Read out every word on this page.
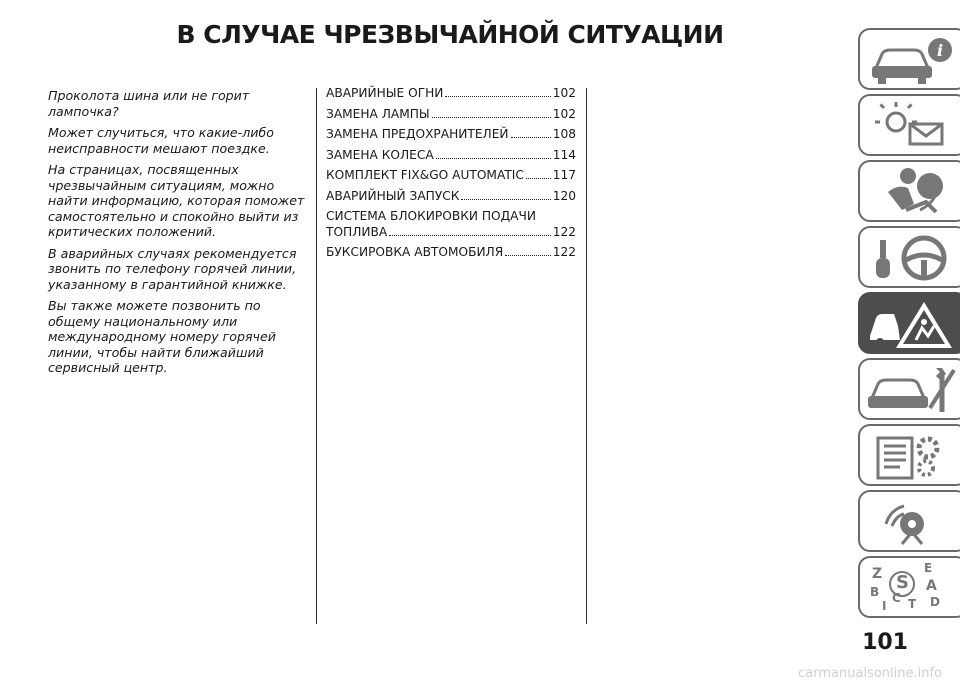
В СЛУЧАЕ ЧРЕЗВЫЧАЙНОЙ СИТУАЦИИ

Проколота шина или не горит лампочка?

Может случиться, что какие-либо неисправности мешают поездке.

На страницах, посвященных чрезвычайным ситуациям, можно найти информацию, которая поможет самостоятельно и спокойно выйти из критических положений.

В аварийных случаях рекомендуется звонить по телефону горячей линии, указанному в гарантийной книжке.

Вы также можете позвонить по общему национальному или международному номеру горячей линии, чтобы найти ближайший сервисный центр.

АВАРИЙНЫЕ ОГНИ	102
ЗАМЕНА ЛАМПЫ	102
ЗАМЕНА ПРЕДОХРАНИТЕЛЕЙ	108
ЗАМЕНА КОЛЕСА	114
КОМПЛЕКТ FIX&GO AUTOMATIC 117
АВАРИЙНЫЙ ЗАПУСК	120
СИСТЕМА БЛОКИРОВКИ ПОДАЧИ
ТОПЛИВА	122
БУКСИРОВКА АВТОМОБИЛЯ	122
i
Z	E
S A
B C T D
I
101
carmanualsonline.info
